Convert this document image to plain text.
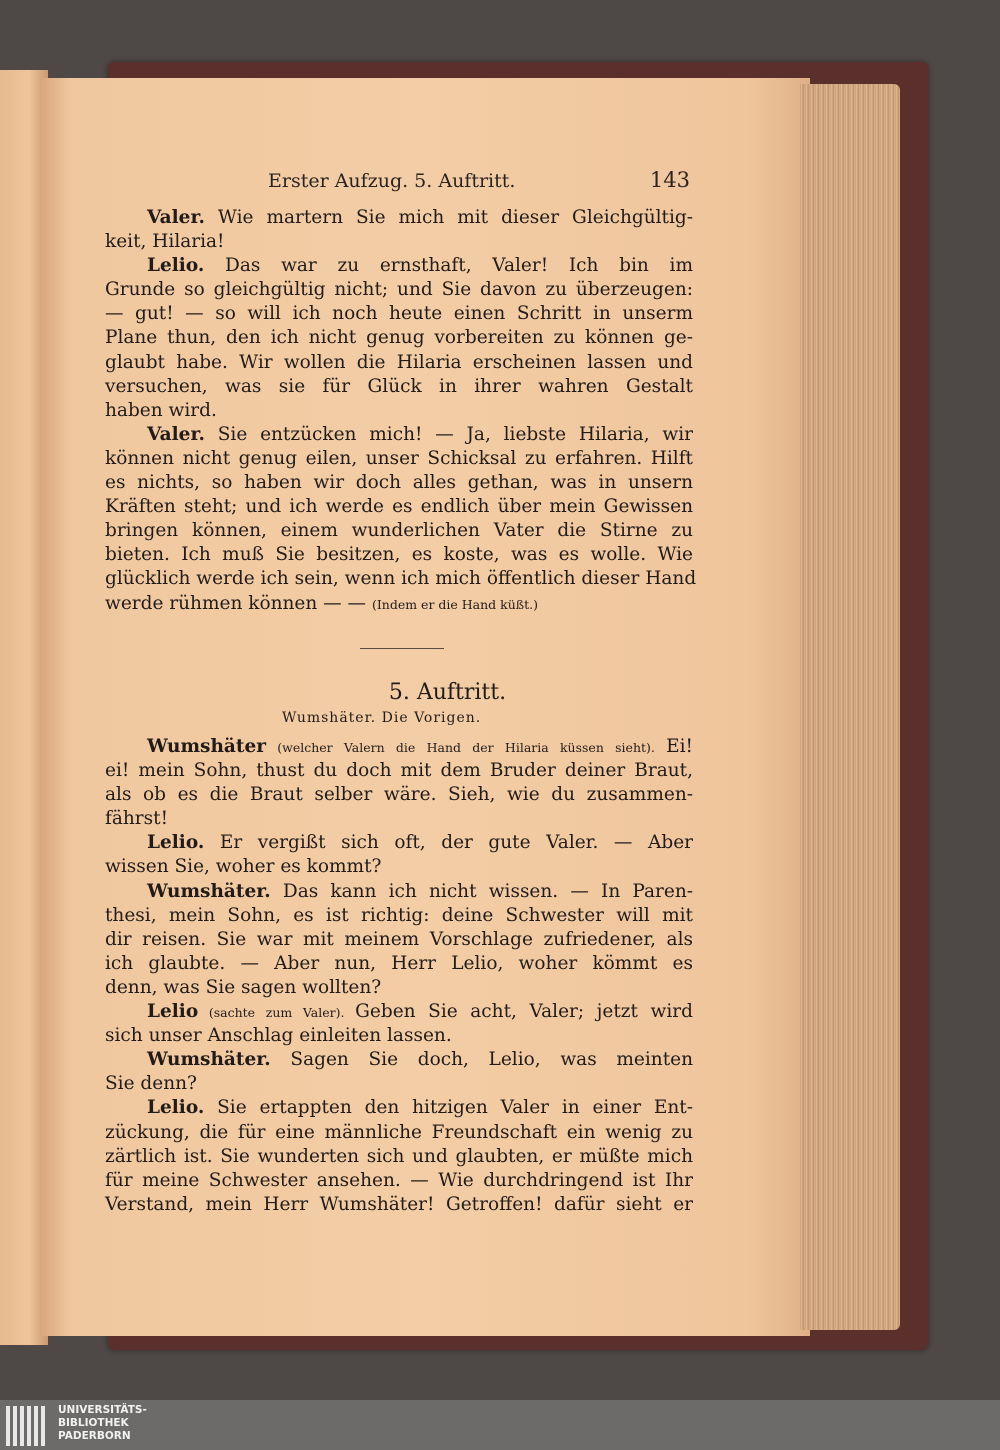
Erster Aufzug. 5. Auftritt.	143
Valer. Wie martern Sie mich mit dieser Gleichgültig-
keit, Hilaria!
Lelio. Das war zu ernsthaft, Valer! Ich bin im
Grunde so gleichgültig nicht; und Sie davon zu überzeugen:
— gut! — so will ich noch heute einen Schritt in unserm
Plane thun, den ich nicht genug vorbereiten zu können ge-
glaubt habe. Wir wollen die Hilaria erscheinen lassen und
versuchen, was sie für Glück in ihrer wahren Gestalt
haben wird.
Valer. Sie entzücken mich! — Ja, liebste Hilaria, wir
können nicht genug eilen, unser Schicksal zu erfahren. Hilft
es nichts, so haben wir doch alles gethan, was in unsern
Kräften steht; und ich werde es endlich über mein Gewissen
bringen können, einem wunderlichen Vater die Stirne zu
bieten. Ich muß Sie besitzen, es koste, was es wolle. Wie
glücklich werde ich sein, wenn ich mich öffentlich dieser Hand
werde rühmen können — — (Indem er die Hand küßt.)
5. Auftritt.
Wumshäter. Die Vorigen.
Wumshäter (welcher Valern die Hand der Hilaria küssen sieht). Ei!
ei! mein Sohn, thust du doch mit dem Bruder deiner Braut,
als ob es die Braut selber wäre. Sieh, wie du zusammen-
fährst!
Lelio. Er vergißt sich oft, der gute Valer. — Aber
wissen Sie, woher es kommt?
Wumshäter. Das kann ich nicht wissen. — In Paren-
thesi, mein Sohn, es ist richtig: deine Schwester will mit
dir reisen. Sie war mit meinem Vorschlage zufriedener, als
ich glaubte. — Aber nun, Herr Lelio, woher kömmt es
denn, was Sie sagen wollten?
Lelio (sachte zum Valer). Geben Sie acht, Valer; jetzt wird
sich unser Anschlag einleiten lassen.
Wumshäter. Sagen Sie doch, Lelio, was meinten
Sie denn?
Lelio. Sie ertappten den hitzigen Valer in einer Ent-
zückung, die für eine männliche Freundschaft ein wenig zu
zärtlich ist. Sie wunderten sich und glaubten, er müßte mich
für meine Schwester ansehen. — Wie durchdringend ist Ihr
Verstand, mein Herr Wumshäter! Getroffen! dafür sieht er
UNIVERSITÄTS-
BIBLIOTHEK
PADERBORN
